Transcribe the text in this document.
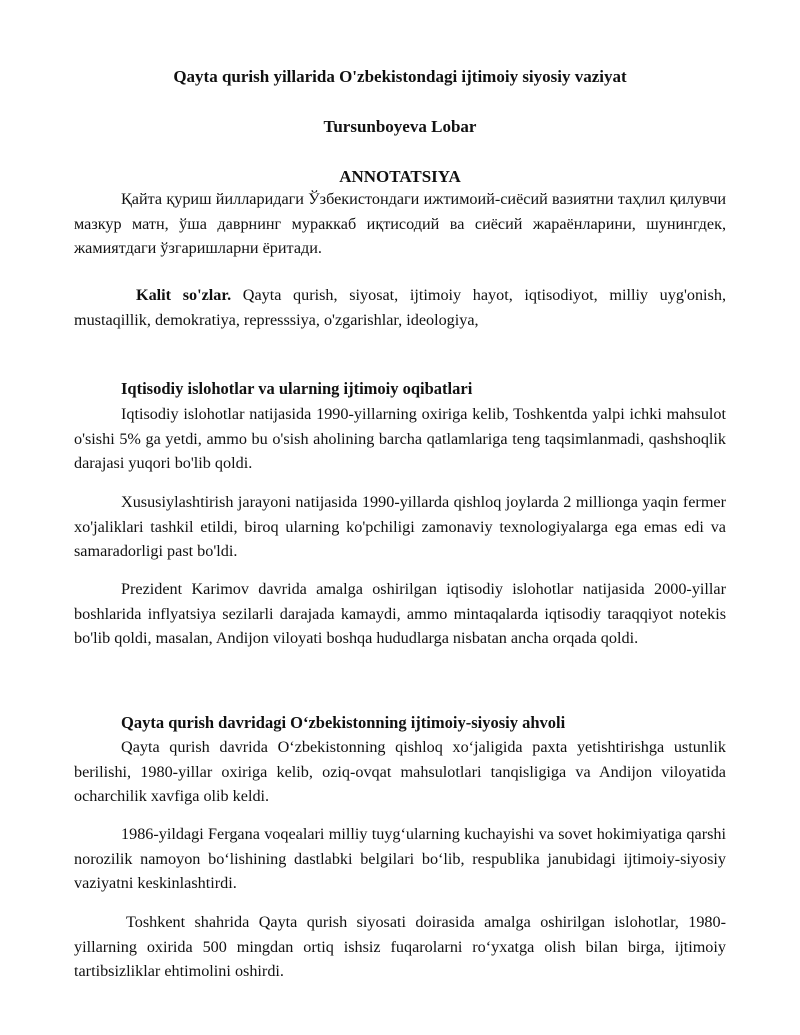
Qayta qurish yillarida O'zbekistondagi ijtimoiy siyosiy vaziyat
Tursunboyeva Lobar
ANNOTATSIYA
Қайта қуриш йилларидаги Ўзбекистондаги ижтимоий-сиёсий вазиятни таҳлил қилувчи мазкур матн, ўша даврнинг мураккаб иқтисодий ва сиёсий жараёнларини, шунингдек, жамиятдаги ўзгаришларни ёритади.
Kalit so'zlar. Qayta qurish, siyosat, ijtimoiy hayot, iqtisodiyot, milliy uyg'onish, mustaqillik, demokratiya, represssiya, o'zgarishlar, ideologiya,
Iqtisodiy islohotlar va ularning ijtimoiy oqibatlari
Iqtisodiy islohotlar natijasida 1990-yillarning oxiriga kelib, Toshkentda yalpi ichki mahsulot o'sishi 5% ga yetdi, ammo bu o'sish aholining barcha qatlamlariga teng taqsimlanmadi, qashshoqlik darajasi yuqori bo'lib qoldi.
Xususiylashtirish jarayoni natijasida 1990-yillarda qishloq joylarda 2 millionga yaqin fermer xo'jaliklari tashkil etildi, biroq ularning ko'pchiligi zamonaviy texnologiyalarga ega emas edi va samaradorligi past bo'ldi.
Prezident Karimov davrida amalga oshirilgan iqtisodiy islohotlar natijasida 2000-yillar boshlarida inflyatsiya sezilarli darajada kamaydi, ammo mintaqalarda iqtisodiy taraqqiyot notekis bo'lib qoldi, masalan, Andijon viloyati boshqa hududlarga nisbatan ancha orqada qoldi.
Qayta qurish davridagi O‘zbekistonning ijtimoiy-siyosiy ahvoli
Qayta qurish davrida O‘zbekistonning qishloq xo‘jaligida paxta yetishtirishga ustunlik berilishi, 1980-yillar oxiriga kelib, oziq-ovqat mahsulotlari tanqisligiga va Andijon viloyatida ocharchilik xavfiga olib keldi.
1986-yildagi Fergana voqealari milliy tuyg‘ularning kuchayishi va sovet hokimiyatiga qarshi norozilik namoyon bo‘lishining dastlabki belgilari bo‘lib, respublika janubidagi ijtimoiy-siyosiy vaziyatni keskinlashtirdi.
Toshkent shahrida Qayta qurish siyosati doirasida amalga oshirilgan islohotlar, 1980-yillarning oxirida 500 mingdan ortiq ishsiz fuqarolarni ro‘yxatga olish bilan birga, ijtimoiy tartibsizliklar ehtimolini oshirdi.
